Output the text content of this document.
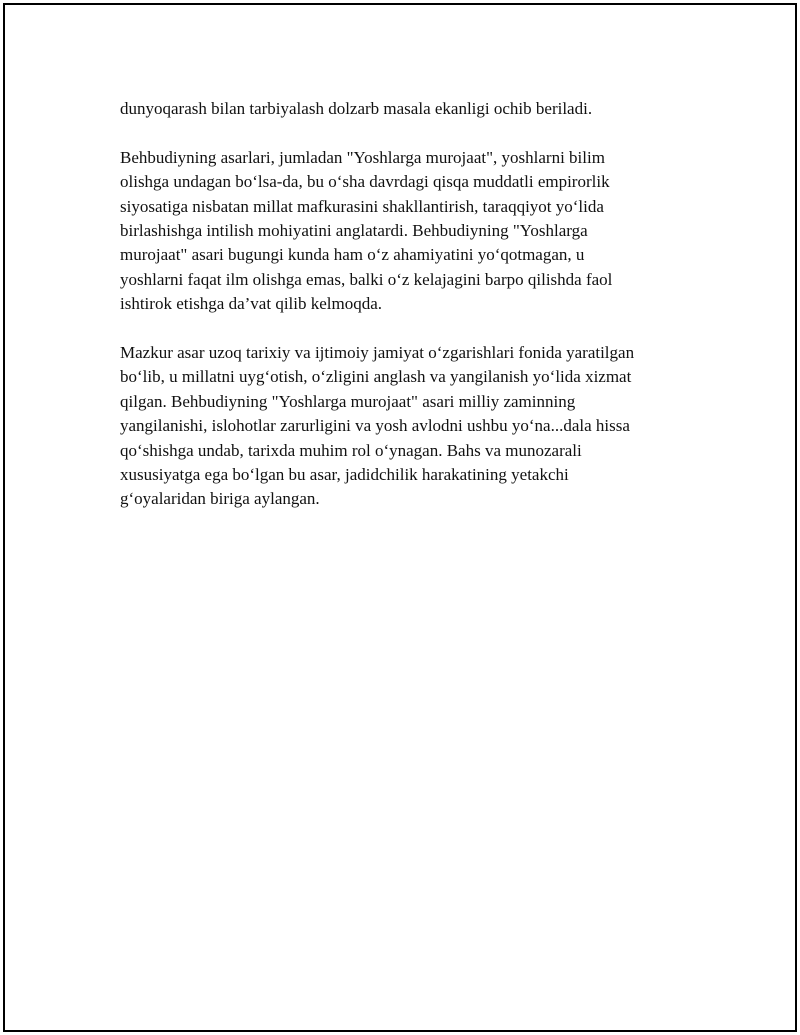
dunyoqarash bilan tarbiyalash dolzarb masala ekanligi ochib beriladi.

Behbudiyning asarlari, jumladan "Yoshlarga murojaat", yoshlarni bilim
olishga undagan bo‘lsa-da, bu o‘sha davrdagi qisqa muddatli empirorlik
siyosatiga nisbatan millat mafkurasini shakllantirish, taraqqiyot yo‘lida
birlashishga intilish mohiyatini anglatardi. Behbudiyning "Yoshlarga
murojaat" asari bugungi kunda ham o‘z ahamiyatini yo‘qotmagan, u
yoshlarni faqat ilm olishga emas, balki o‘z kelajagini barpo qilishda faol
ishtirok etishga da’vat qilib kelmoqda.

Mazkur asar uzoq tarixiy va ijtimoiy jamiyat o‘zgarishlari fonida yaratilgan
bo‘lib, u millatni uyg‘otish, o‘zligini anglash va yangilanish yo‘lida xizmat
qilgan. Behbudiyning "Yoshlarga murojaat" asari milliy zaminning
yangilanishi, islohotlar zarurligini va yosh avlodni ushbu yo‘na...dala hissa
qo‘shishga undab, tarixda muhim rol o‘ynagan. Bahs va munozarali
xususiyatga ega bo‘lgan bu asar, jadidchilik harakatining yetakchi
g‘oyalaridan biriga aylangan.
